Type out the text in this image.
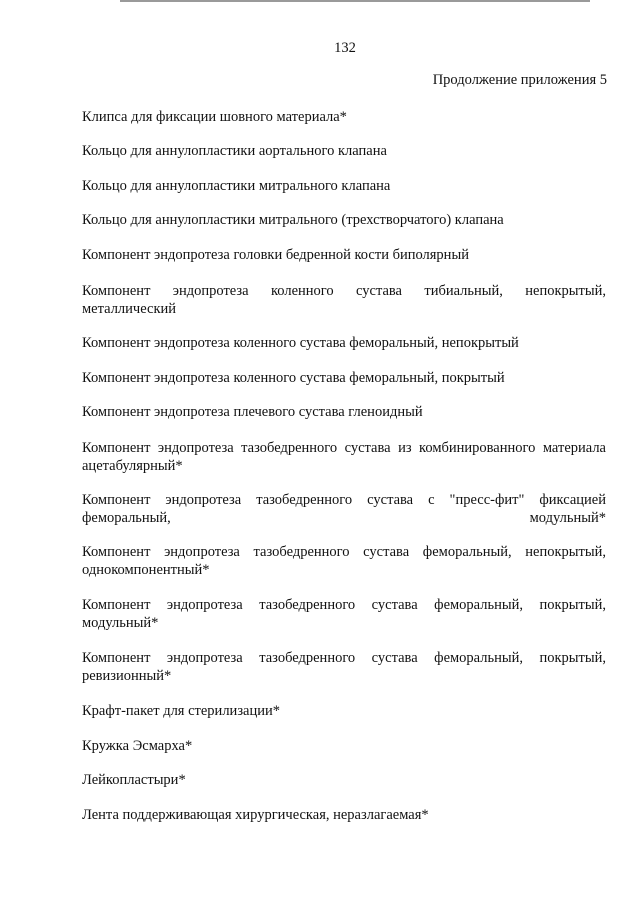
132
Продолжение приложения 5
Клипса для фиксации шовного материала*
Кольцо для аннулопластики аортального клапана
Кольцо для аннулопластики митрального клапана
Кольцо для аннулопластики митрального (трехстворчатого) клапана
Компонент эндопротеза головки бедренной кости биполярный
Компонент эндопротеза коленного сустава тибиальный, непокрытый, металлический
Компонент эндопротеза коленного сустава феморальный, непокрытый
Компонент эндопротеза коленного сустава феморальный, покрытый
Компонент эндопротеза плечевого сустава гленоидный
Компонент эндопротеза тазобедренного сустава из комбинированного материала ацетабулярный*
Компонент эндопротеза тазобедренного сустава с "пресс-фит" фиксацией феморальный, модульный*
Компонент эндопротеза тазобедренного сустава феморальный, непокрытый, однокомпонентный*
Компонент эндопротеза тазобедренного сустава феморальный, покрытый, модульный*
Компонент эндопротеза тазобедренного сустава феморальный, покрытый, ревизионный*
Крафт-пакет для стерилизации*
Кружка Эсмарха*
Лейкопластыри*
Лента поддерживающая хирургическая, неразлагаемая*
